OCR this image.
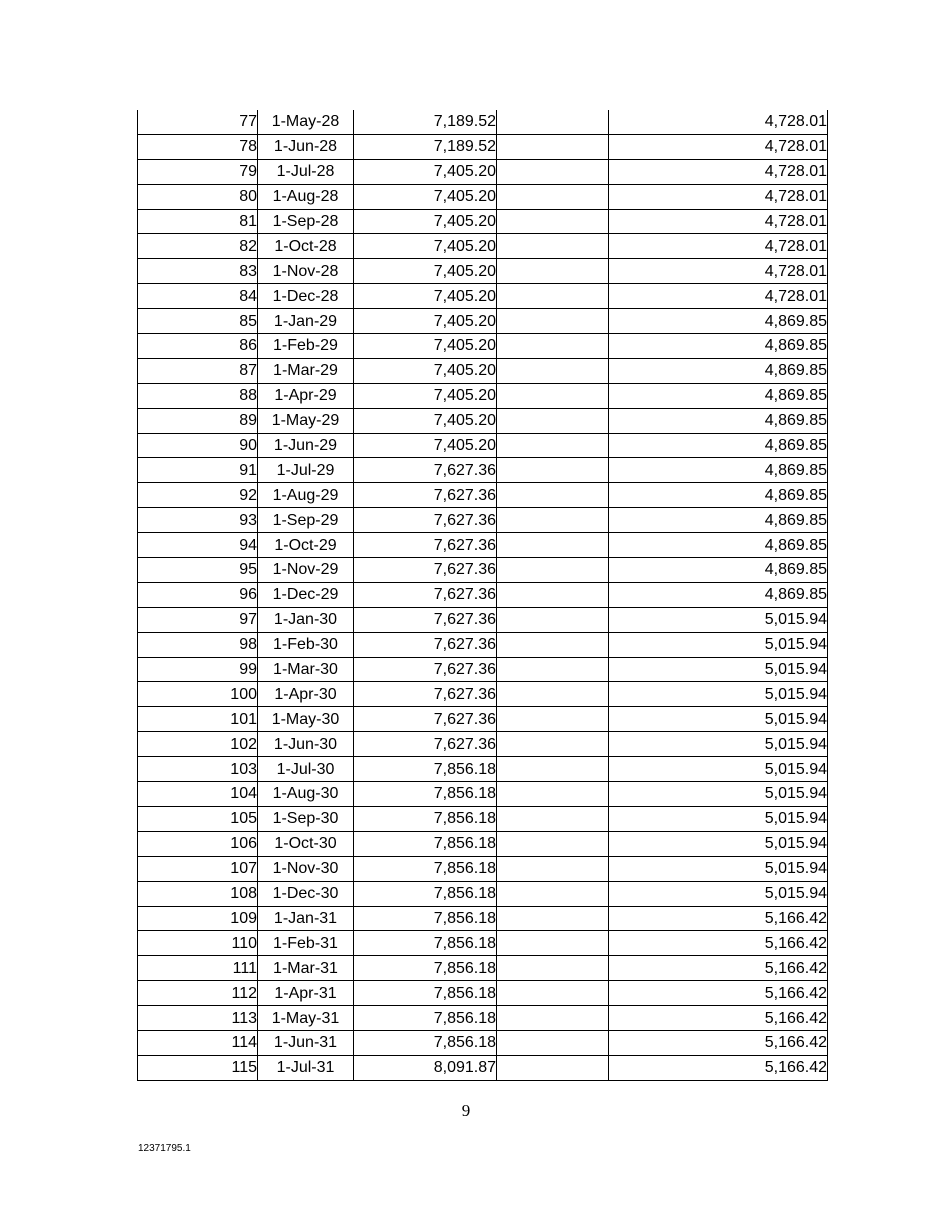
77	1-May-28	7,189.52		4,728.01
78	1-Jun-28	7,189.52		4,728.01
79	1-Jul-28	7,405.20		4,728.01
80	1-Aug-28	7,405.20		4,728.01
81	1-Sep-28	7,405.20		4,728.01
82	1-Oct-28	7,405.20		4,728.01
83	1-Nov-28	7,405.20		4,728.01
84	1-Dec-28	7,405.20		4,728.01
85	1-Jan-29	7,405.20		4,869.85
86	1-Feb-29	7,405.20		4,869.85
87	1-Mar-29	7,405.20		4,869.85
88	1-Apr-29	7,405.20		4,869.85
89	1-May-29	7,405.20		4,869.85
90	1-Jun-29	7,405.20		4,869.85
91	1-Jul-29	7,627.36		4,869.85
92	1-Aug-29	7,627.36		4,869.85
93	1-Sep-29	7,627.36		4,869.85
94	1-Oct-29	7,627.36		4,869.85
95	1-Nov-29	7,627.36		4,869.85
96	1-Dec-29	7,627.36		4,869.85
97	1-Jan-30	7,627.36		5,015.94
98	1-Feb-30	7,627.36		5,015.94
99	1-Mar-30	7,627.36		5,015.94
100	1-Apr-30	7,627.36		5,015.94
101	1-May-30	7,627.36		5,015.94
102	1-Jun-30	7,627.36		5,015.94
103	1-Jul-30	7,856.18		5,015.94
104	1-Aug-30	7,856.18		5,015.94
105	1-Sep-30	7,856.18		5,015.94
106	1-Oct-30	7,856.18		5,015.94
107	1-Nov-30	7,856.18		5,015.94
108	1-Dec-30	7,856.18		5,015.94
109	1-Jan-31	7,856.18		5,166.42
110	1-Feb-31	7,856.18		5,166.42
111	1-Mar-31	7,856.18		5,166.42
112	1-Apr-31	7,856.18		5,166.42
113	1-May-31	7,856.18		5,166.42
114	1-Jun-31	7,856.18		5,166.42
115	1-Jul-31	8,091.87		5,166.42
9
12371795.1
